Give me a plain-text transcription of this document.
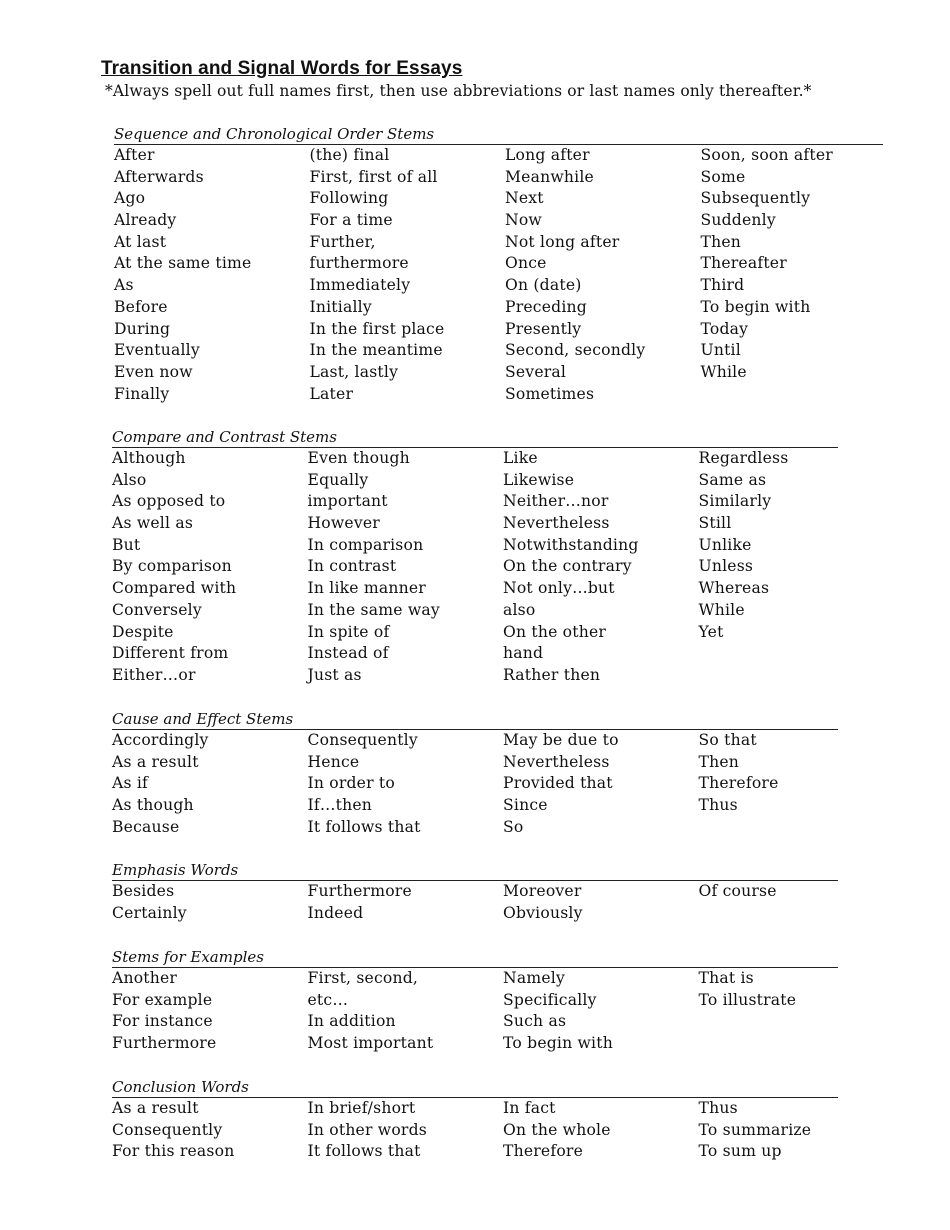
Transition and Signal Words for Essays
*Always spell out full names first, then use abbreviations or last names only thereafter.*
Sequence and Chronological Order Stems
After
Afterwards
Ago
Already
At last
At the same time
As
Before
During
Eventually
Even now
Finally
(the) final
First, first of all
Following
For a time
Further,
furthermore
Immediately
Initially
In the first place
In the meantime
Last, lastly
Later
Long after
Meanwhile
Next
Now
Not long after
Once
On (date)
Preceding
Presently
Second, secondly
Several
Sometimes
Soon, soon after
Some
Subsequently
Suddenly
Then
Thereafter
Third
To begin with
Today
Until
While
Compare and Contrast Stems
Although
Also
As opposed to
As well as
But
By comparison
Compared with
Conversely
Despite
Different from
Either…or
Even though
Equally
important
However
In comparison
In contrast
In like manner
In the same way
In spite of
Instead of
Just as
Like
Likewise
Neither…nor
Nevertheless
Notwithstanding
On the contrary
Not only…but
also
On the other
hand
Rather then
Regardless
Same as
Similarly
Still
Unlike
Unless
Whereas
While
Yet
Cause and Effect Stems
Accordingly
As a result
As if
As though
Because
Consequently
Hence
In order to
If…then
It follows that
May be due to
Nevertheless
Provided that
Since
So
So that
Then
Therefore
Thus
Emphasis Words
Besides
Certainly
Furthermore
Indeed
Moreover
Obviously
Of course
Stems for Examples
Another
For example
For instance
Furthermore
First, second,
etc…
In addition
Most important
Namely
Specifically
Such as
To begin with
That is
To illustrate
Conclusion Words
As a result
Consequently
For this reason
In brief/short
In other words
It follows that
In fact
On the whole
Therefore
Thus
To summarize
To sum up
